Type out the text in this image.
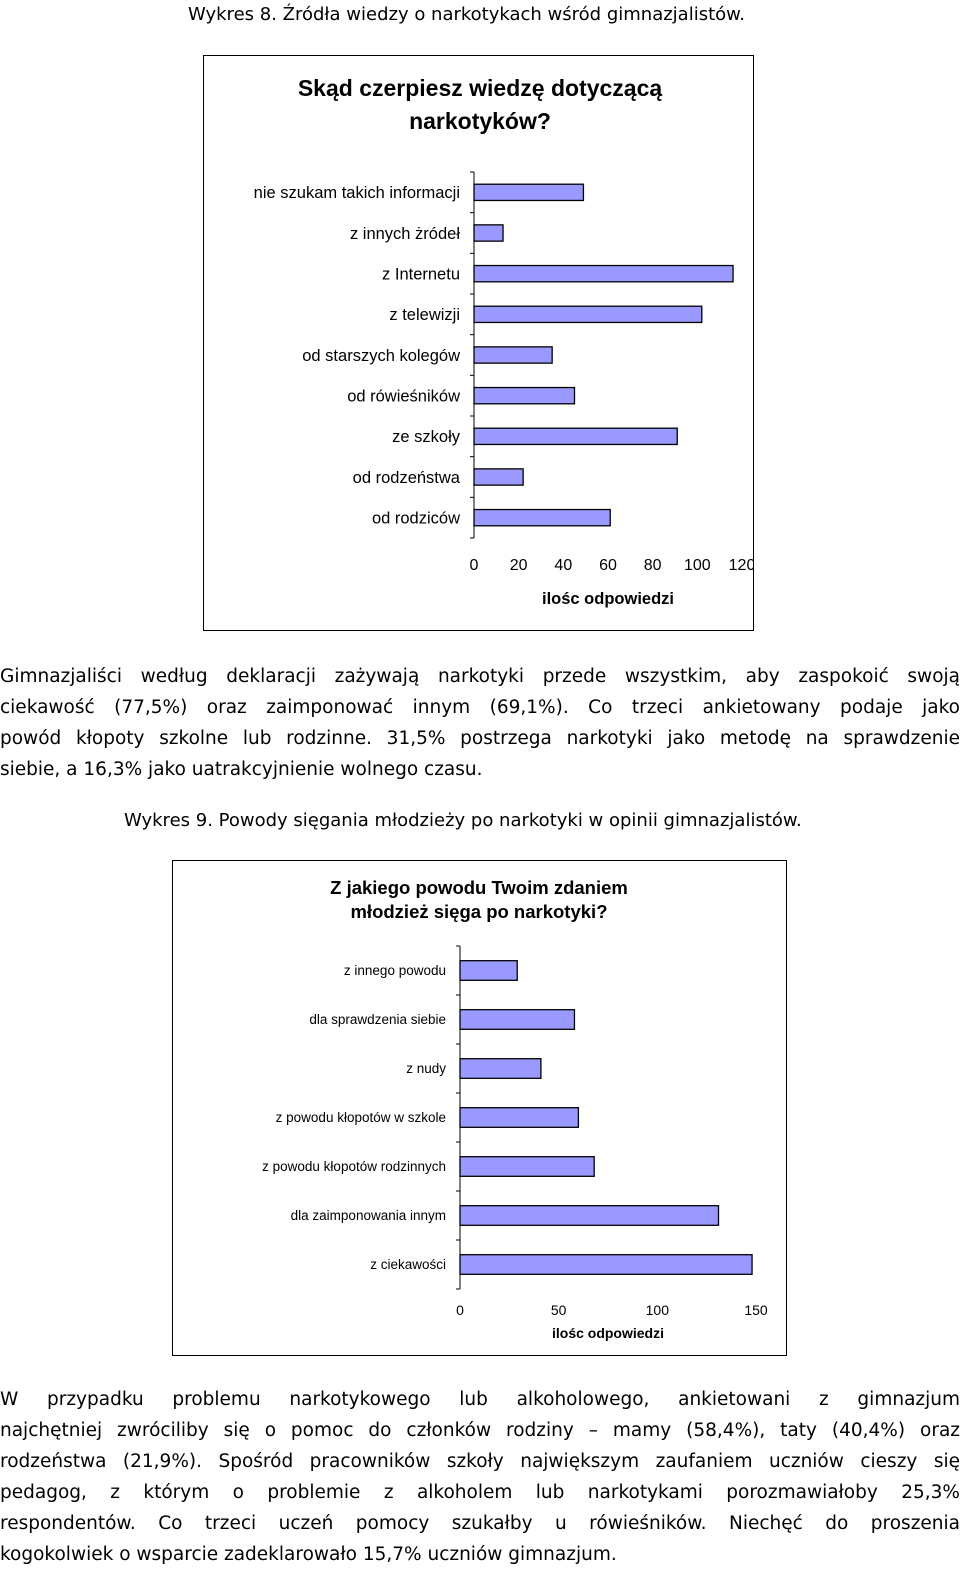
Wykres 8. Źródła wiedzy o narkotykach wśród gimnazjalistów.
Skąd czerpiesz wiedzę dotyczącą
narkotyków?
nie szukam takich informacji
z innych żródeł
z Internetu
z telewizji
od starszych kolegów
od rówieśników
ze szkoły
od rodzeństwa
od rodziców
0 20 40 60 80 100 120
ilośc odpowiedzi
Gimnazjaliści według deklaracji zażywają narkotyki przede wszystkim, aby zaspokoić swoją
ciekawość (77,5%) oraz zaimponować innym (69,1%). Co trzeci ankietowany podaje jako
powód kłopoty szkolne lub rodzinne. 31,5% postrzega narkotyki jako metodę na sprawdzenie
siebie, a 16,3% jako uatrakcyjnienie wolnego czasu.
Wykres 9. Powody sięgania młodzieży po narkotyki w opinii gimnazjalistów.
Z jakiego powodu Twoim zdaniem
młodzież sięga po narkotyki?
z innego powodu
dla sprawdzenia siebie
z nudy
z powodu kłopotów w szkole
z powodu kłopotów rodzinnych
dla zaimponowania innym
z ciekawości
0	50	100	150
ilośc odpowiedzi
W przypadku problemu narkotykowego lub alkoholowego, ankietowani z gimnazjum
najchętniej zwróciliby się o pomoc do członków rodziny – mamy (58,4%), taty (40,4%) oraz
rodzeństwa (21,9%). Spośród pracowników szkoły największym zaufaniem uczniów cieszy się
pedagog, z którym o problemie z alkoholem lub narkotykami porozmawiałoby 25,3%
respondentów. Co trzeci uczeń pomocy szukałby u rówieśników. Niechęć do proszenia
kogokolwiek o wsparcie zadeklarowało 15,7% uczniów gimnazjum.
